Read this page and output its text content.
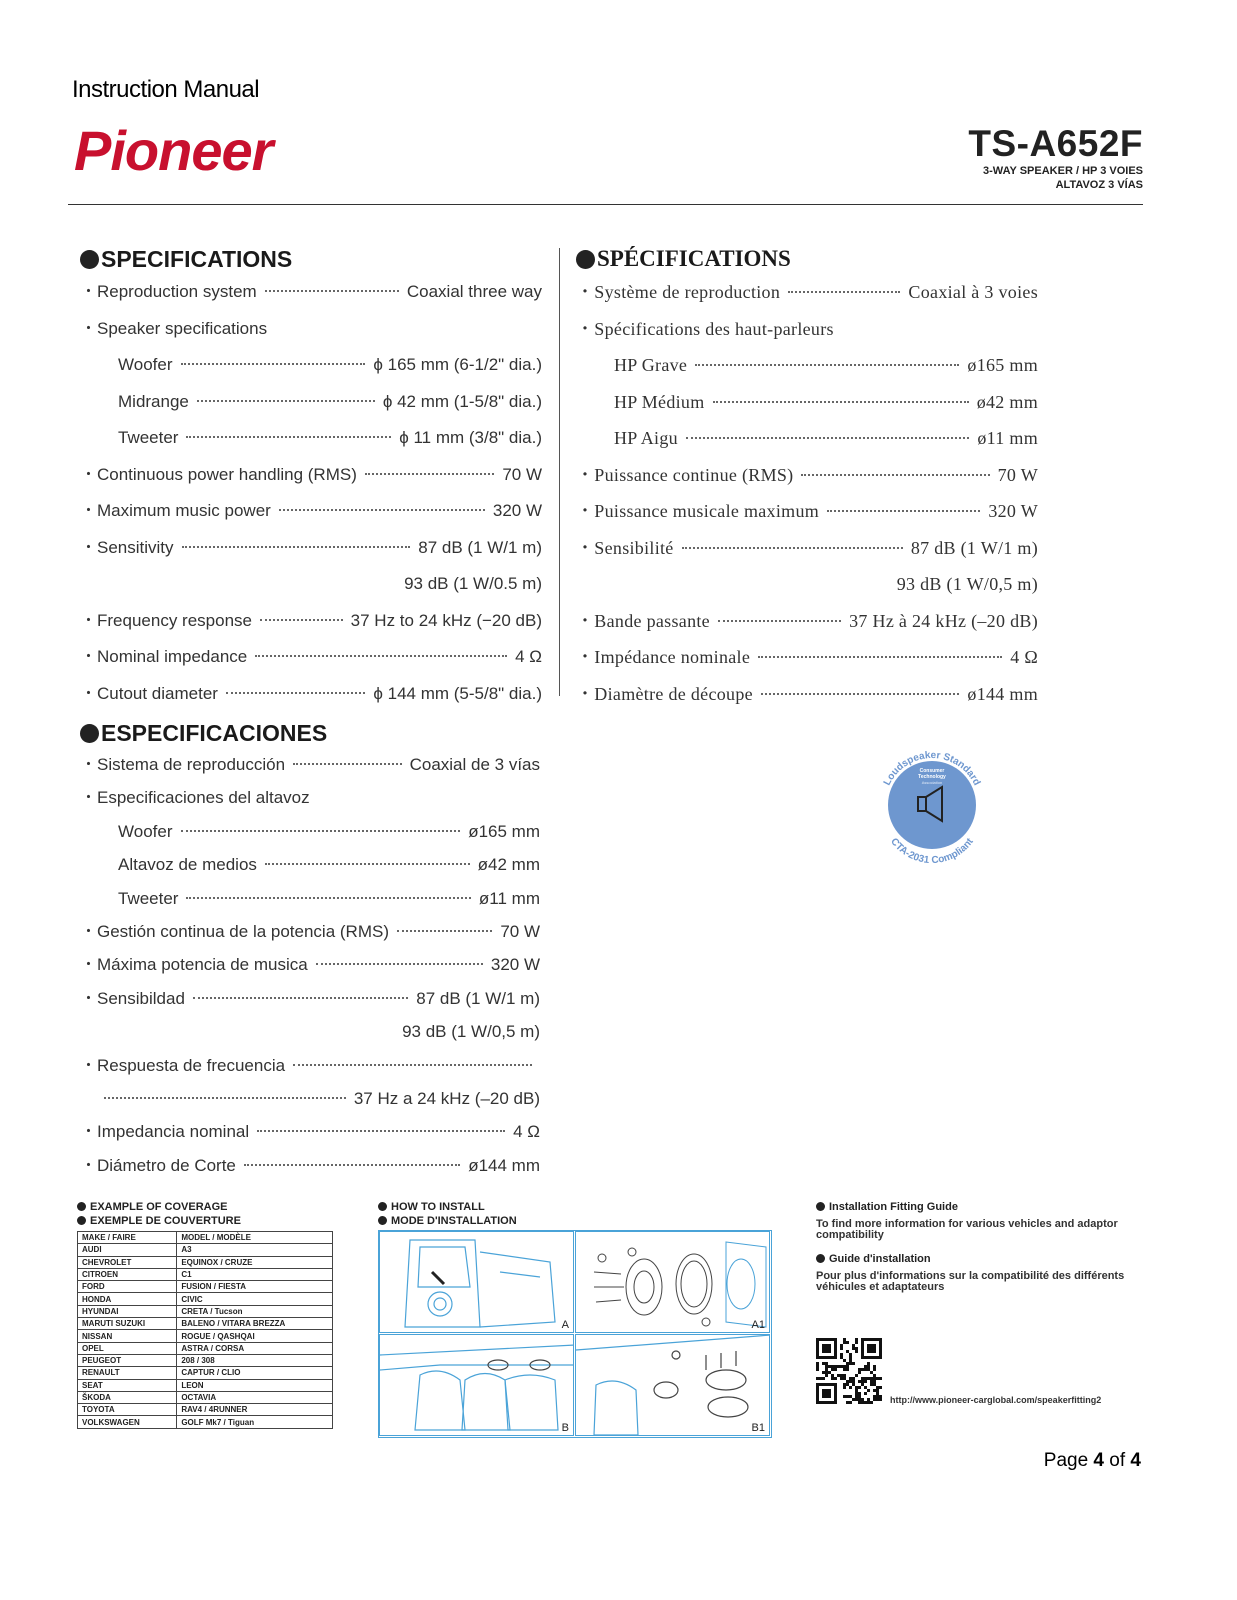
Instruction Manual
Pioneer	TS-A652F
3-WAY SPEAKER / HP 3 VOIES
ALTAVOZ 3 VÍAS
SPECIFICATIONS
・Reproduction system	Coaxial three way
・Speaker specifications
Woofer	ϕ 165 mm (6-1/2" dia.)
Midrange	ϕ 42 mm (1-5/8" dia.)
Tweeter	ϕ 11 mm (3/8" dia.)
・Continuous power handling (RMS)	70 W
・Maximum music power	320 W
・Sensitivity	87 dB (1 W/1 m)
93 dB (1 W/0.5 m)
・Frequency response	37 Hz to 24 kHz (−20 dB)
・Nominal impedance	4 Ω
・Cutout diameter	ϕ 144 mm (5-5/8" dia.)
SPÉCIFICATIONS
・Système de reproduction	Coaxial à 3 voies
・Spécifications des haut-parleurs
HP Grave	ø165 mm
HP Médium	ø42 mm
HP Aigu	ø11 mm
・Puissance continue (RMS)	70 W
・Puissance musicale maximum	320 W
・Sensibilité	87 dB (1 W/1 m)
93 dB (1 W/0,5 m)
・Bande passante	37 Hz à 24 kHz (–20 dB)
・Impédance nominale	4 Ω
・Diamètre de découpe	ø144 mm
ESPECIFICACIONES
・Sistema de reproducción	Coaxial de 3 vías
・Especificaciones del altavoz
Woofer	ø165 mm
Altavoz de medios	ø42 mm
Tweeter	ø11 mm
・Gestión continua de la potencia (RMS)	70 W
・Máxima potencia de musica	320 W
・Sensibildad	87 dB (1 W/1 m)
93 dB (1 W/0,5 m)
・Respuesta de frecuencia
37 Hz a 24 kHz (–20 dB)
・Impedancia nominal	4 Ω
・Diámetro de Corte	ø144 mm
Loudspeaker Standard
CTA-2031 Compliant
Consumer
Technology
Association
EXAMPLE OF COVERAGE
EXEMPLE DE COUVERTURE
MAKE / FAIRE	MODEL / MODÈLE
AUDI	A3
CHEVROLET	EQUINOX / CRUZE
CITROEN	C1
FORD	FUSION / FIESTA
HONDA	CIVIC
HYUNDAI	CRETA / Tucson
MARUTI SUZUKI	BALENO / VITARA BREZZA
NISSAN	ROGUE / QASHQAI
OPEL	ASTRA / CORSA
PEUGEOT	208 / 308
RENAULT	CAPTUR / CLIO
SEAT	LEON
ŠKODA	OCTAVIA
TOYOTA	RAV4 / 4RUNNER
VOLKSWAGEN	GOLF Mk7 / Tiguan
HOW TO INSTALL
MODE D'INSTALLATION
A	A1
B	B1
Installation Fitting Guide
To find more information for various vehicles and adaptor compatibility
Guide d'installation
Pour plus d'informations sur la compatibilité des différents véhicules et adaptateurs
http://www.pioneer-carglobal.com/speakerfitting2
Page 4 of 4
